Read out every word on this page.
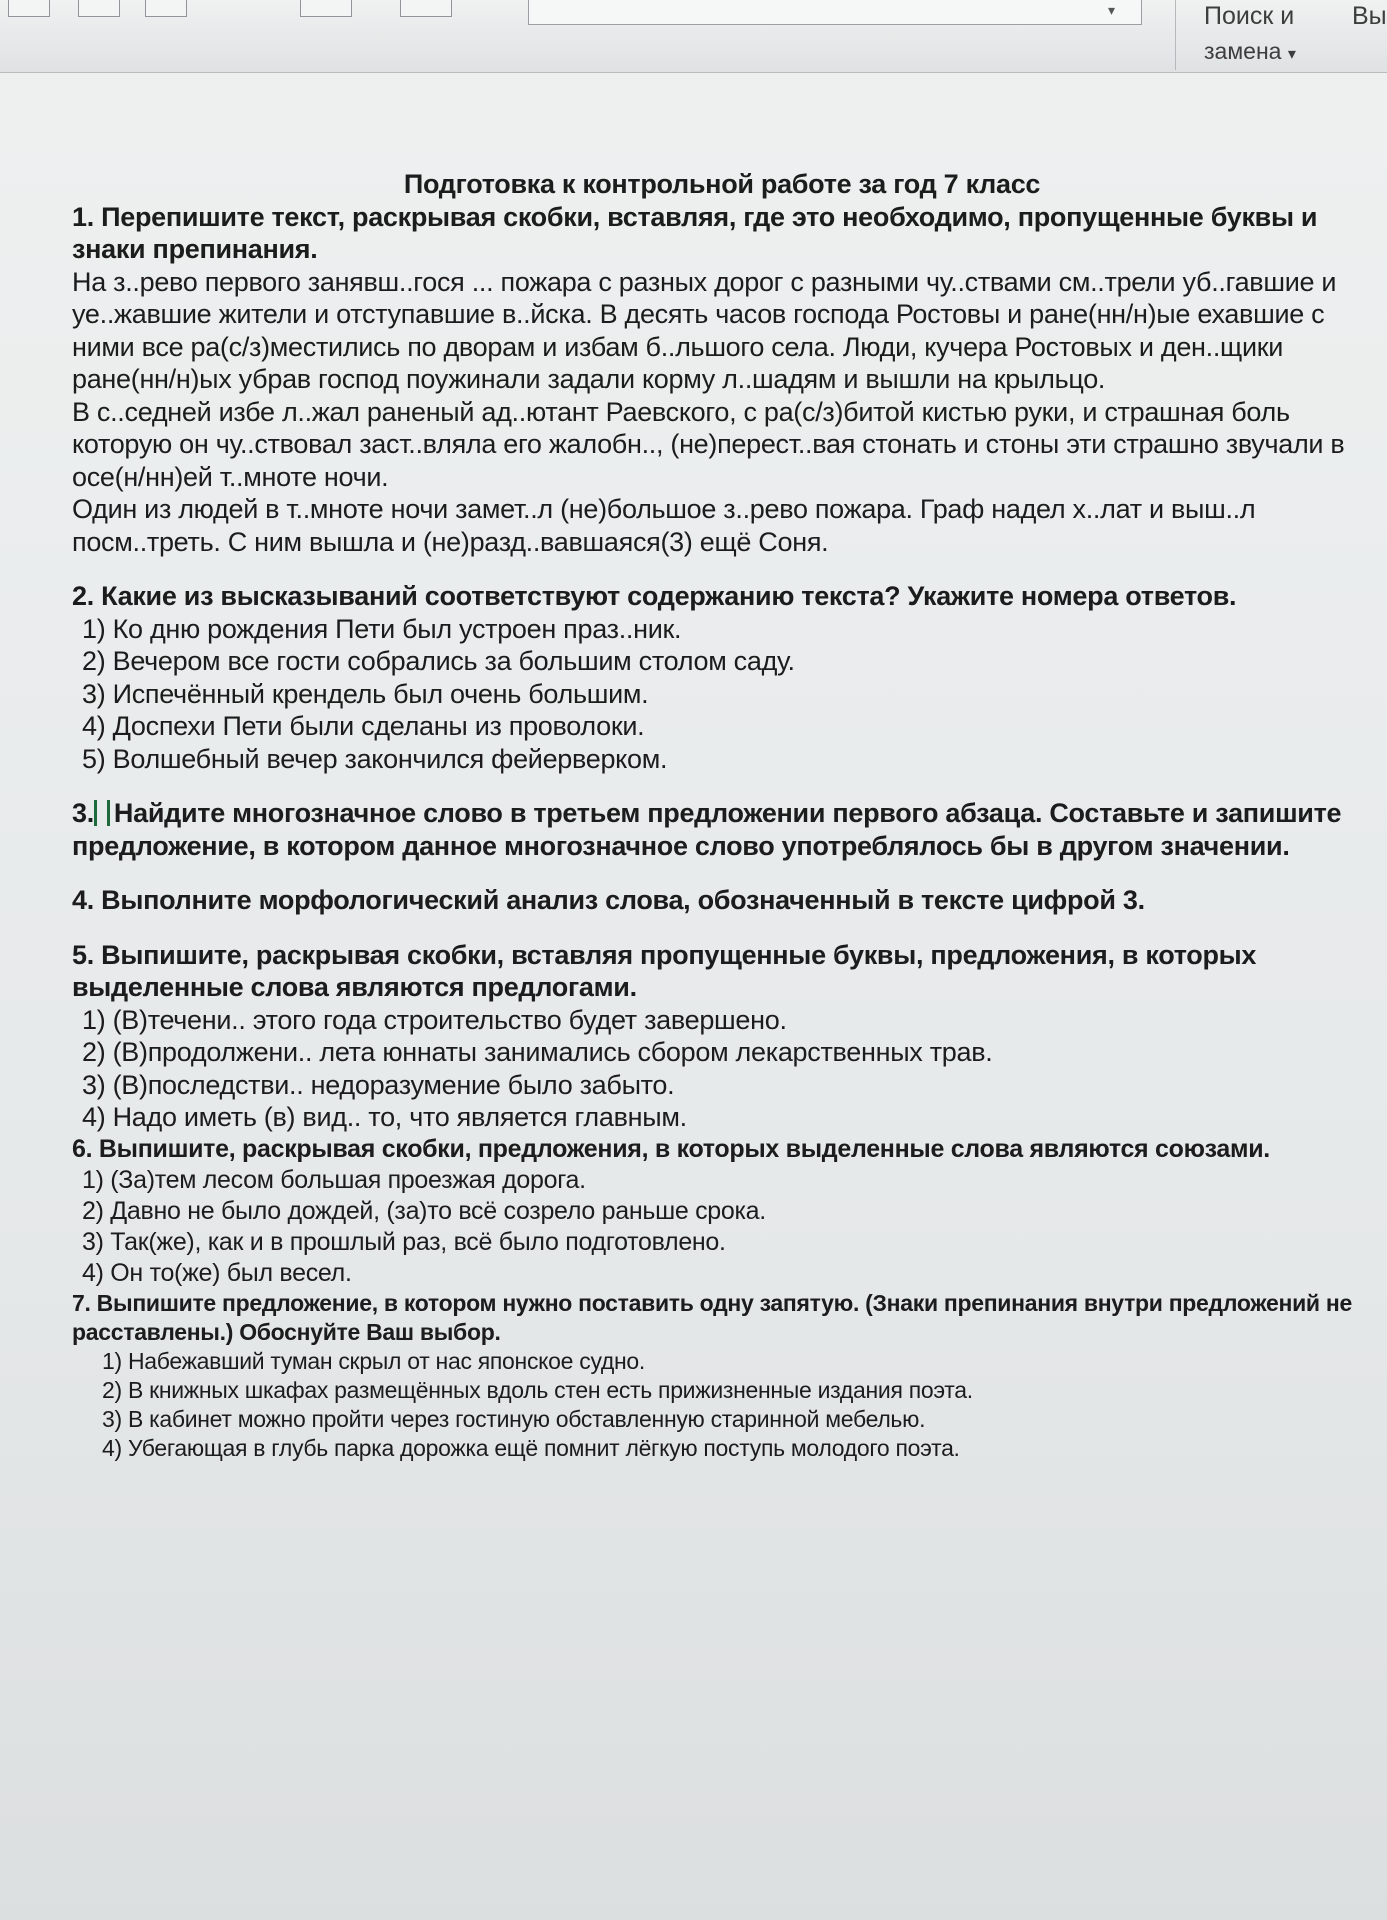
▾	Поиск и
замена ▾
Вы

Подготовка к контрольной работе за год 7 класс

1. Перепишите текст, раскрывая скобки, вставляя, где это необходимо, пропущенные буквы и знаки препинания.

На з..рево первого занявш..гося ... пожара с разных дорог с разными чу..ствами см..трели уб..гавшие и уе..жавшие жители и отступавшие в..йска. В десять часов господа Ростовы и ране(нн/н)ые ехавшие с ними все ра(с/з)местились по дворам и избам б..льшого села. Люди, кучера Ростовых и ден..щики ране(нн/н)ых убрав господ поужинали задали корму л..шадям и вышли на крыльцо.

В с..седней избе л..жал раненый ад..ютант Раевского, с ра(с/з)битой кистью руки, и страшная боль которую он чу..ствовал заст..вляла его жалобн.., (не)перест..вая стонать и стоны эти страшно звучали в осе(н/нн)ей т..мноте ночи.

Один из людей в т..мноте ночи замет..л (не)большое з..рево пожара. Граф надел х..лат и выш..л посм..треть. С ним вышла и (не)разд..вавшаяся(3) ещё Соня.

2. Какие из высказываний соответствуют содержанию текста? Укажите номера ответов.

1) Ко дню рождения Пети был устроен праз..ник.
2) Вечером все гости собрались за большим столом саду.
3) Испечённый крендель был очень большим.
4) Доспехи Пети были сделаны из проволоки.
5) Волшебный вечер закончился фейерверком.

3. Найдите многозначное слово в третьем предложении первого абзаца. Составьте и запишите предложение, в котором данное многозначное слово употреблялось бы в другом значении.

4. Выполните морфологический анализ слова, обозначенный в тексте цифрой 3.

5. Выпишите, раскрывая скобки, вставляя пропущенные буквы, предложения, в которых выделенные слова являются предлогами.

1) (В)течени.. этого года строительство будет завершено.
2) (В)продолжени.. лета юннаты занимались сбором лекарственных трав.
3) (В)последстви.. недоразумение было забыто.
4) Надо иметь (в) вид.. то, что является главным.

6. Выпишите, раскрывая скобки, предложения, в которых выделенные слова являются союзами.

1) (За)тем лесом большая проезжая дорога.
2) Давно не было дождей, (за)то всё созрело раньше срока.
3) Так(же), как и в прошлый раз, всё было подготовлено.
4) Он то(же) был весел.

7. Выпишите предложение, в котором нужно поставить одну запятую. (Знаки препинания внутри предложений не расставлены.) Обоснуйте Ваш выбор.

1) Набежавший туман скрыл от нас японское судно.
2) В книжных шкафах размещённых вдоль стен есть прижизненные издания поэта.
3) В кабинет можно пройти через гостиную обставленную старинной мебелью.
4) Убегающая в глубь парка дорожка ещё помнит лёгкую поступь молодого поэта.
